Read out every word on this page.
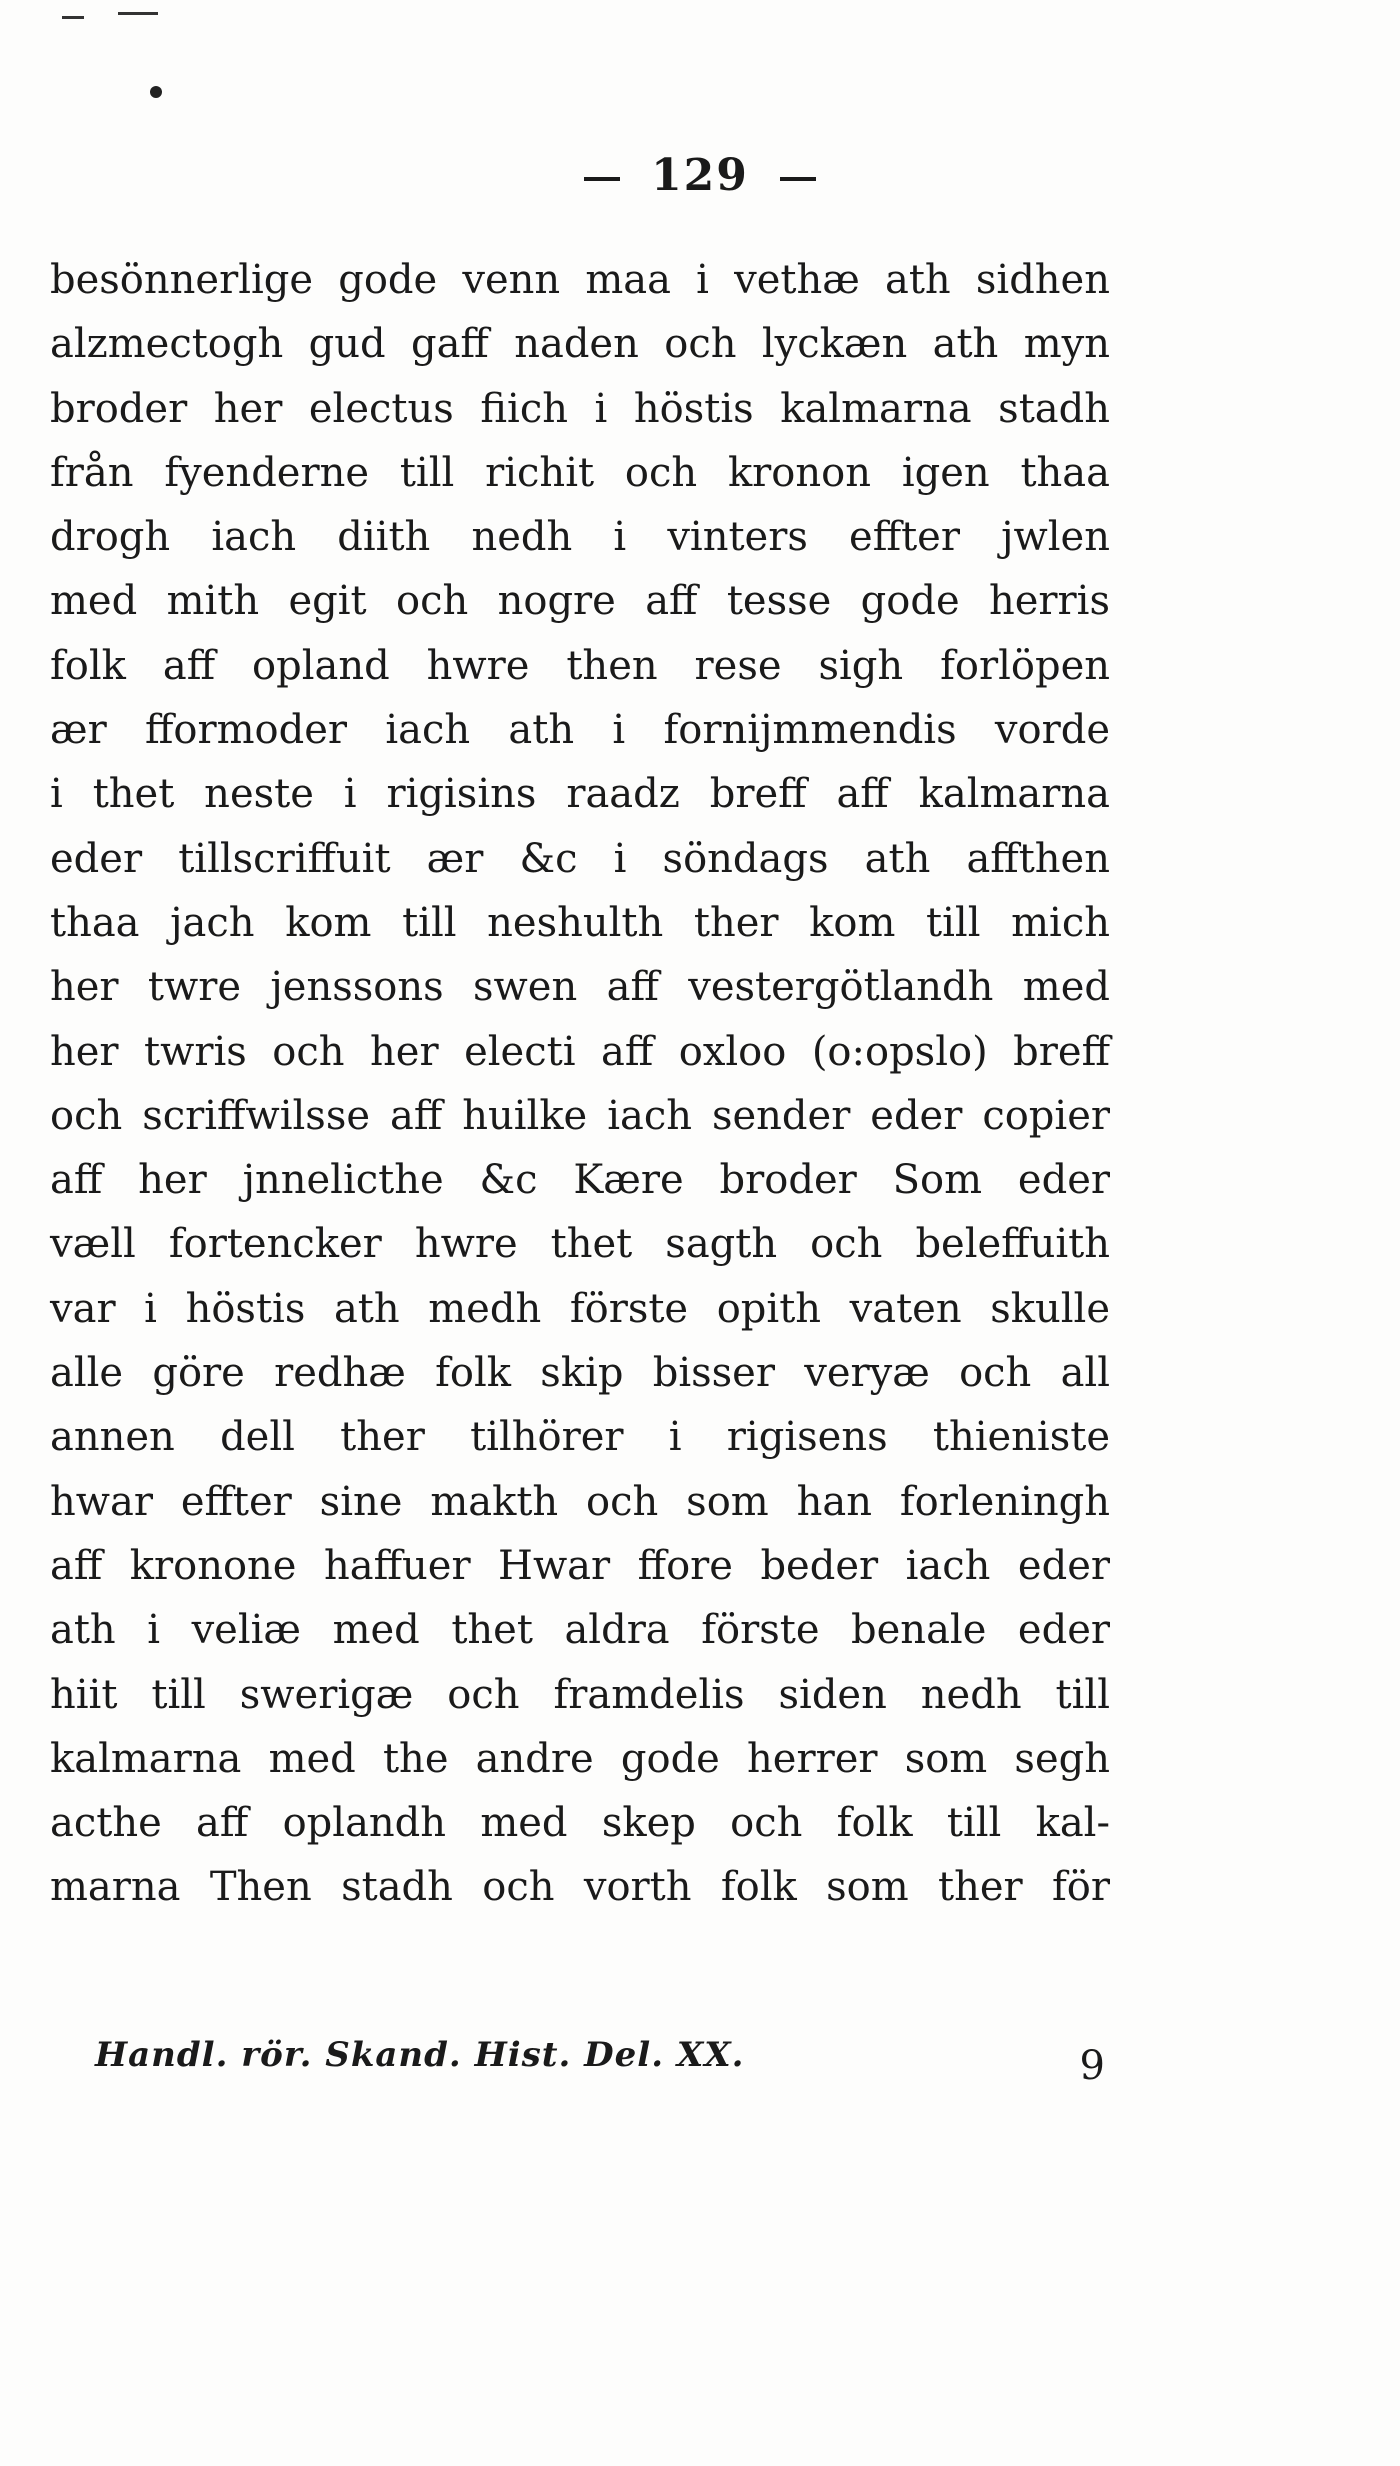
129
besönnerlige gode venn maa i vethæ ath sidhen
alzmectogh gud gaff naden och lyckæn ath myn
broder her electus fiich i höstis kalmarna stadh
från fyenderne till richit och kronon igen thaa
drogh iach diith nedh i vinters effter jwlen
med mith egit och nogre aff tesse gode herris
folk aff opland hwre then rese sigh forlöpen
ær fformoder iach ath i fornijmmendis vorde
i thet neste i rigisins raadz breff aff kalmarna
eder tillscriffuit ær &c i söndags ath affthen
thaa jach kom till neshulth ther kom till mich
her twre jenssons swen aff vestergötlandh med
her twris och her electi aff oxloo (o:opslo) breff
och scriffwilsse aff huilke iach sender eder copier
aff her jnnelicthe &c Kære broder Som eder
væll fortencker hwre thet sagth och beleffuith
var i höstis ath medh förste opith vaten skulle
alle göre redhæ folk skip bisser veryæ och all
annen dell ther tilhörer i rigisens thieniste
hwar effter sine makth och som han forleningh
aff kronone haffuer Hwar ffore beder iach eder
ath i veliæ med thet aldra förste benale eder
hiit till swerigæ och framdelis siden nedh till
kalmarna med the andre gode herrer som segh
acthe aff oplandh med skep och folk till kal-
marna Then stadh och vorth folk som ther för
Handl. rör. Skand. Hist. Del. XX.	9
